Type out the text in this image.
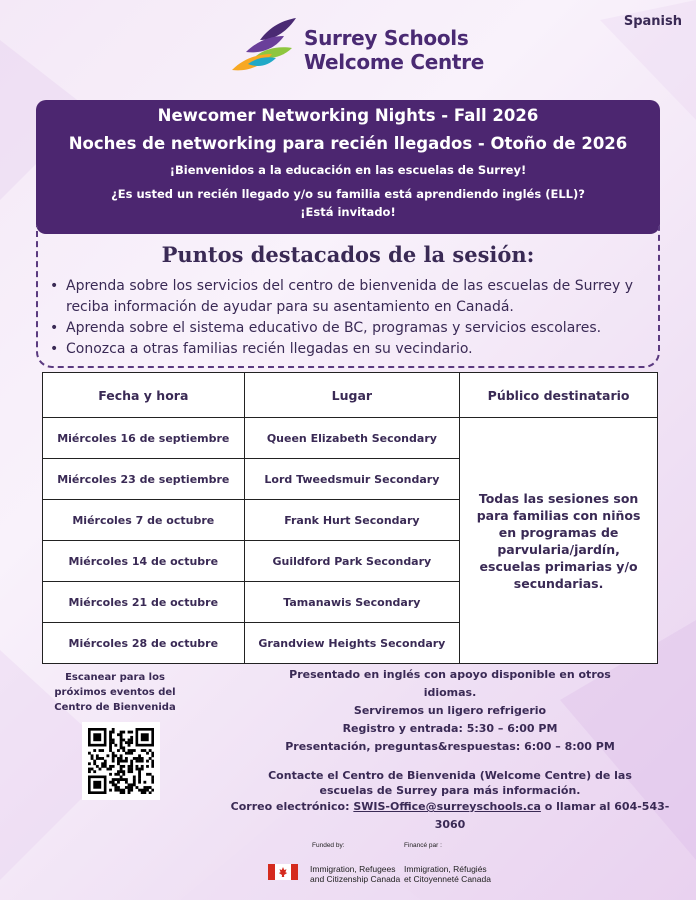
Spanish
Surrey Schools
Welcome Centre
Newcomer Networking Nights - Fall 2026
Noches de networking para recién llegados - Otoño de 2026
¡Bienvenidos a la educación en las escuelas de Surrey!
¿Es usted un recién llegado y/o su familia está aprendiendo inglés (ELL)?
¡Está invitado!
Puntos destacados de la sesión:
• Aprenda sobre los servicios del centro de bienvenida de las escuelas de Surrey y reciba información de ayudar para su asentamiento en Canadá.
• Aprenda sobre el sistema educativo de BC, programas y servicios escolares.
• Conozca a otras familias recién llegadas en su vecindario.
Fecha y hora	Lugar	Público destinatario
Miércoles 16 de septiembre	Queen Elizabeth Secondary	Todas las sesiones son para familias con niños en programas de parvularia/jardín, escuelas primarias y/o secundarias.
Miércoles 23 de septiembre	Lord Tweedsmuir Secondary	
Miércoles 7 de octubre	Frank Hurt Secondary	
Miércoles 14 de octubre	Guildford Park Secondary	
Miércoles 21 de octubre	Tamanawis Secondary	
Miércoles 28 de octubre	Grandview Heights Secondary	
Escanear para los próximos eventos del Centro de Bienvenida
Presentado en inglés con apoyo disponible en otros idiomas.
Serviremos un ligero refrigerio
Registro y entrada: 5:30 – 6:00 PM
Presentación, preguntas&respuestas: 6:00 – 8:00 PM
Contacte el Centro de Bienvenida (Welcome Centre) de las escuelas de Surrey para más información.
Correo electrónico: SWIS-Office@surreyschools.ca o llamar al 604-543-3060
Funded by:	Financé par :
Immigration, Refugees
and Citizenship Canada
Immigration, Réfugiés
et Citoyenneté Canada
